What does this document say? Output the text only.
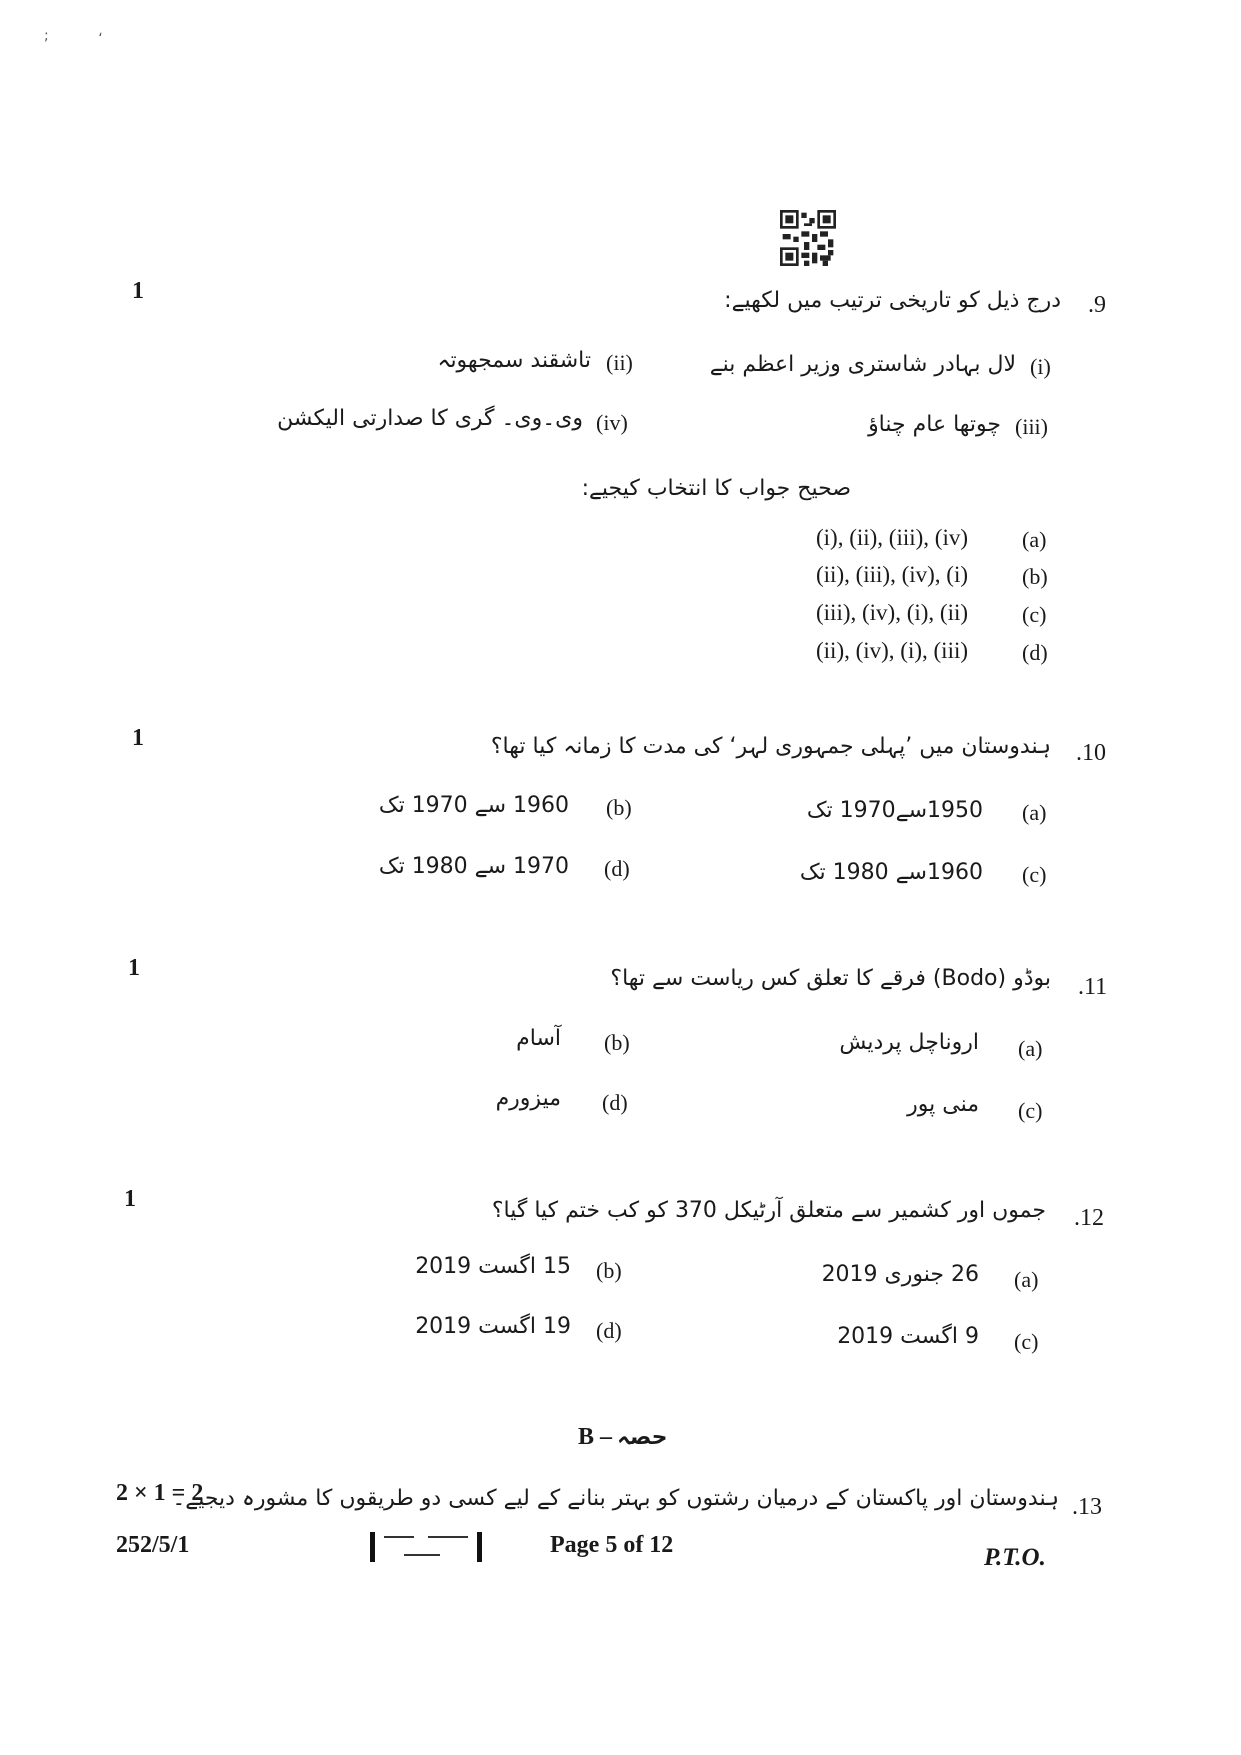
;	،
1
.9
درج ذیل کو تاریخی ترتیب میں لکھیے:
(i)
لال بہادر شاستری وزیر اعظم بنے
(ii)
تاشقند سمجھوتہ
(iii)
چوتھا عام چناؤ
(iv)
وی۔وی۔ گری کا صدارتی الیکشن
صحیح جواب کا انتخاب کیجیے:
(i), (ii), (iii), (iv) (a)
(ii), (iii), (iv), (i) (b)
(iii), (iv), (i), (ii) (c)
(ii), (iv), (i), (iii) (d)
1
.10
ہندوستان میں ’پہلی جمہوری لہر‘ کی مدت کا زمانہ کیا تھا؟
(a)
1950سے1970 تک
(b)
1960 سے 1970 تک
(c)
1960سے 1980 تک
(d)
1970 سے 1980 تک
1
.11
بوڈو (Bodo) فرقے کا تعلق کس ریاست سے تھا؟
(a)
اروناچل پردیش
(b)
آسام
(c)
منی پور
(d)
میزورم
1
.12
جموں اور کشمیر سے متعلق آرٹیکل 370 کو کب ختم کیا گیا؟
(a)
26 جنوری 2019
(b)
15 اگست 2019
(c)
9 اگست 2019
(d)
19 اگست 2019
B – حصہ
2 × 1 = 2
.13
ہندوستان اور پاکستان کے درمیان رشتوں کو بہتر بنانے کے لیے کسی دو طریقوں کا مشورہ دیجیے۔
252/5/1	Page 5 of 12	P.T.O.
